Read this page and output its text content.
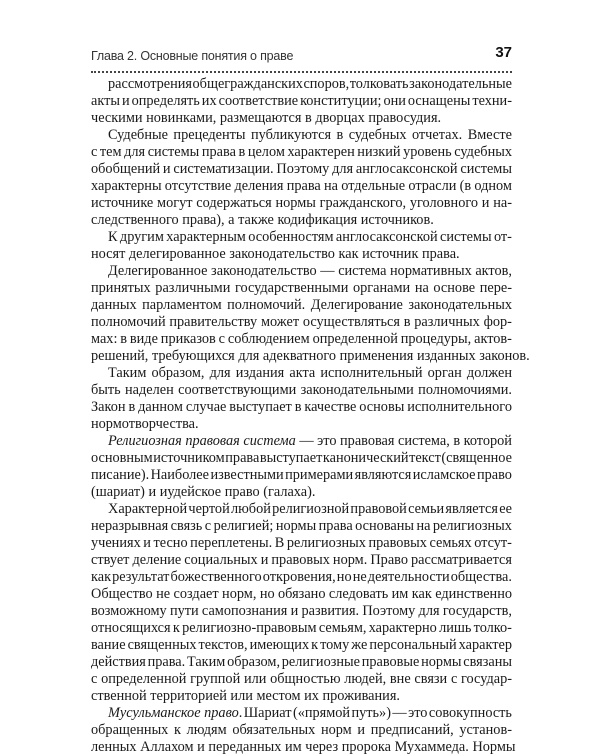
Глава 2. Основные понятия о праве	37
рассмотрения общегражданских споров, толковать законодательные
акты и определять их соответствие конституции; они оснащены техни-
ческими
новинками,
размещаются
в
дворцах
правосудия.
Судебные прецеденты публикуются в судебных отчетах. Вместе
с тем для системы права в целом характерен низкий уровень судебных
обобщений и систематизации. Поэтому для англосаксонской системы
характерны отсутствие деления права на отдельные отрасли (в одном
источнике могут содержаться нормы гражданского, уголовного и на-
следственного
права),
а
также
кодификация
источников.
К другим характерным особенностям англосаксонской системы от-
носят
делегированное
законодательство
как
источник
права.
Делегированное законодательство — система нормативных актов,
принятых различными государственными органами на основе пере-
данных парламентом полномочий. Делегирование законодательных
полномочий правительству может осуществляться в различных фор-
мах: в виде приказов с соблюдением определенной процедуры, актов-
решений,
требующихся
для
адекватного
применения
изданных
законов.
Таким образом, для издания акта исполнительный орган должен
быть наделен соответствующими законодательными полномочиями.
Закон в данном случае выступает в качестве основы исполнительного
нормотворчества.
Религиозная правовая система — это правовая система, в которой
основным источником права выступает канонический текст (священное
писание). Наиболее известными примерами являются исламское право
(шариат)
и
иудейское
право
(галаха).
Характерной чертой любой религиозной правовой семьи является ее
неразрывная связь с религией; нормы права основаны на религиозных
учениях и тесно переплетены. В религиозных правовых семьях отсут-
ствует деление социальных и правовых норм. Право рассматривается
как результат божественного откровения, но не деятельности общества.
Общество не создает норм, но обязано следовать им как единственно
возможному пути самопознания и развития. Поэтому для государств,
относящихся к религиозно-правовым семьям, характерно лишь толко-
вание священных текстов, имеющих к тому же персональный характер
действия права. Таким образом, религиозные правовые нормы связаны
с определенной группой или общностью людей, вне связи с государ-
ственной
территорией
или
местом
их
проживания.
Мусульманское право. Шариат («прямой путь») — это совокупность
обращенных к людям обязательных норм и предписаний, установ-
ленных
Аллахом
и
переданных
им
через
пророка
Мухаммеда.
Нормы
